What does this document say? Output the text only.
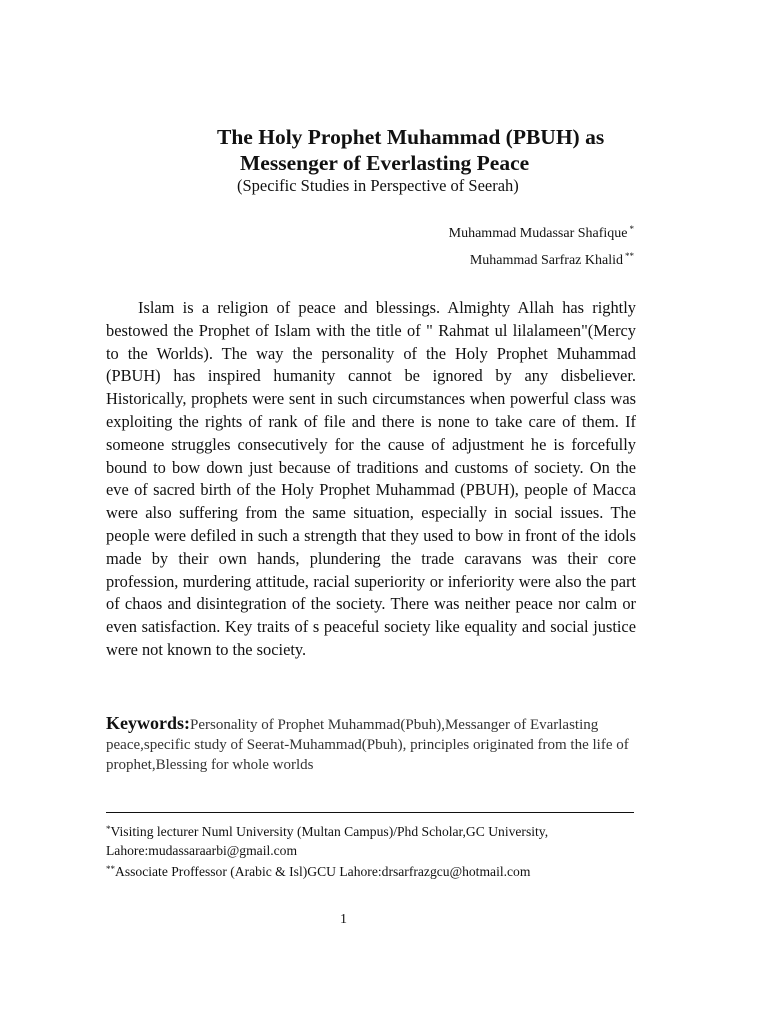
The Holy Prophet Muhammad (PBUH) as
Messenger of Everlasting Peace
(Specific Studies in Perspective of Seerah)
Muhammad Mudassar Shafique *
Muhammad Sarfraz Khalid **

Islam is a religion of peace and blessings. Almighty Allah has rightly bestowed the Prophet of Islam with the title of " Rahmat ul lilalameen"(Mercy to the Worlds). The way the personality of the Holy Prophet Muhammad (PBUH) has inspired humanity cannot be ignored by any disbeliever. Historically, prophets were sent in such circumstances when powerful class was exploiting the rights of rank of file and there is none to take care of them. If someone struggles consecutively for the cause of adjustment he is forcefully bound to bow down just because of traditions and customs of society. On the eve of sacred birth of the Holy Prophet Muhammad (PBUH), people of Macca were also suffering from the same situation, especially in social issues. The people were defiled in such a strength that they used to bow in front of the idols made by their own hands, plundering the trade caravans was their core profession, murdering attitude, racial superiority or inferiority were also the part of chaos and disintegration of the society. There was neither peace nor calm or even satisfaction. Key traits of s peaceful society like equality and social justice were not known to the society.

Keywords:Personality of Prophet Muhammad(Pbuh),Messanger of Evarlasting peace,specific study of Seerat-Muhammad(Pbuh), principles originated from the life of prophet,Blessing for whole worlds

*Visiting lecturer Numl University (Multan Campus)/Phd Scholar,GC University, Lahore:mudassaraarbi@gmail.com
**Associate Proffessor (Arabic & Isl)GCU Lahore:drsarfrazgcu@hotmail.com
1
